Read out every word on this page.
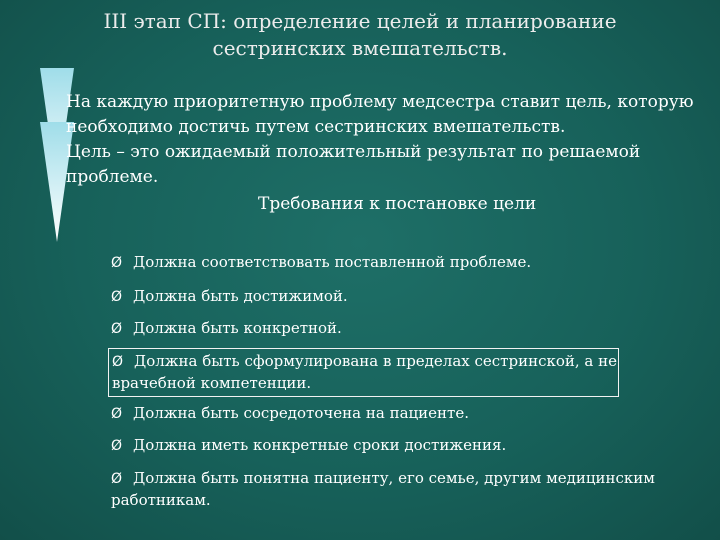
III этап СП: определение целей и планирование сестринских вмешательств.
На каждую приоритетную проблему медсестра ставит цель, которую необходимо достичь путем сестринских вмешательств.
Цель – это ожидаемый положительный результат по решаемой проблеме.
Требования к постановке цели
Ø Должна соответствовать поставленной проблеме.
Ø Должна быть достижимой.
Ø Должна быть конкретной.
Ø Должна быть сформулирована в пределах сестринской, а не врачебной компетенции.
Ø Должна быть сосредоточена на пациенте.
Ø Должна иметь конкретные сроки достижения.
Ø Должна быть понятна пациенту, его семье, другим медицинским работникам.
